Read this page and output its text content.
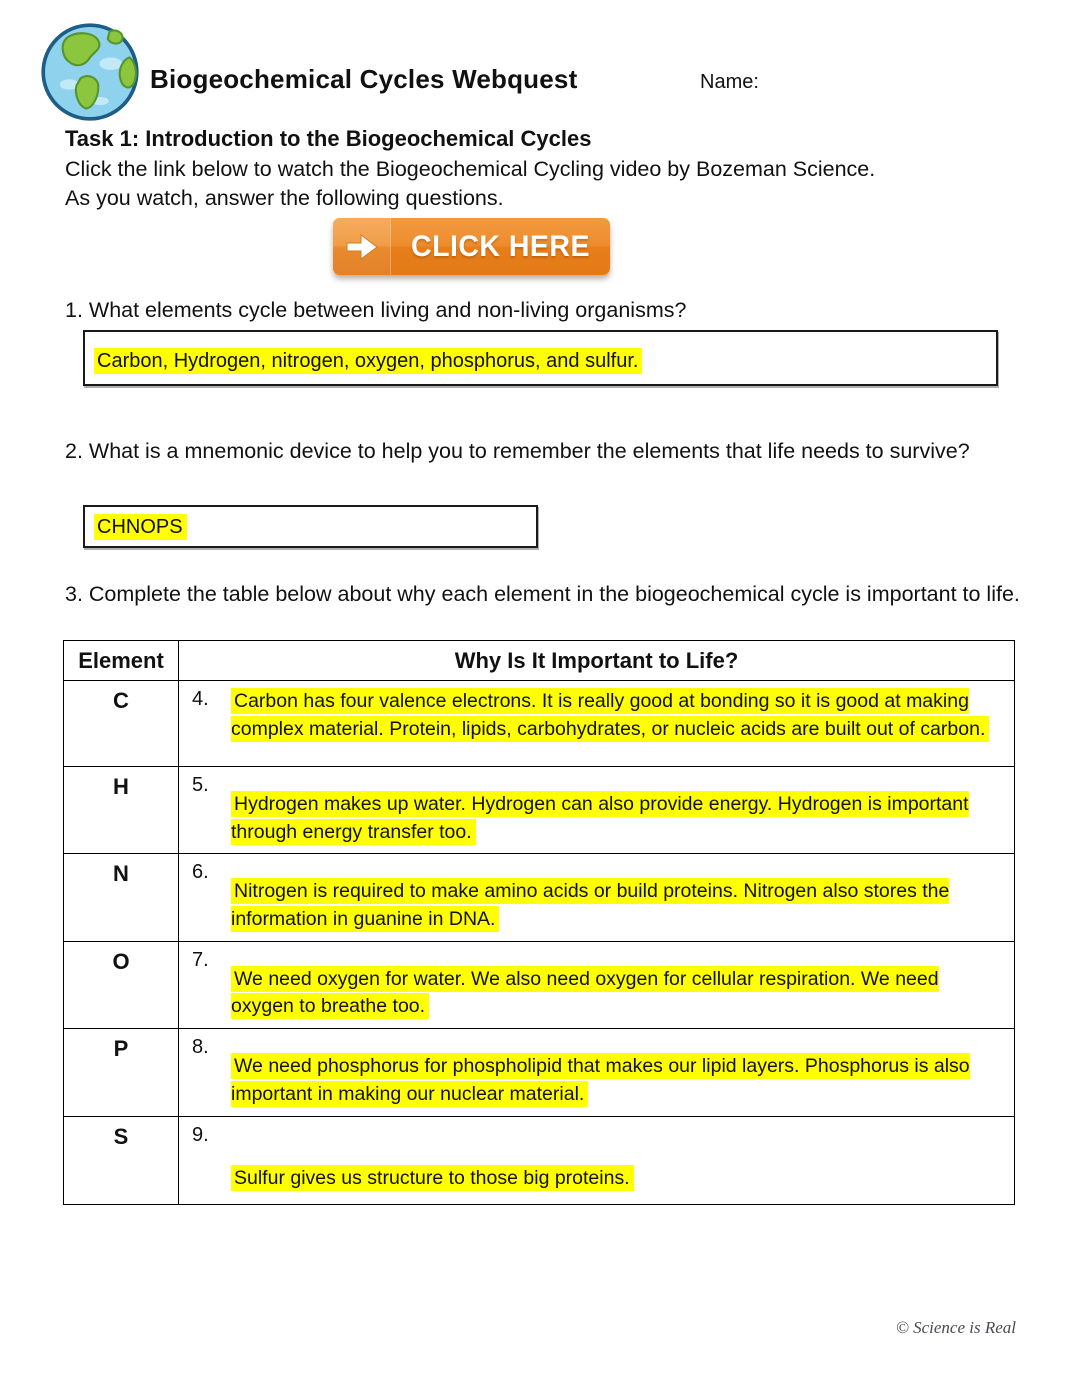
Biogeochemical Cycles Webquest	Name:
Task 1: Introduction to the Biogeochemical Cycles
Click the link below to watch the Biogeochemical Cycling video by Bozeman Science.
As you watch, answer the following questions.
CLICK HERE
1. What elements cycle between living and non-living organisms?
Carbon, Hydrogen, nitrogen, oxygen, phosphorus, and sulfur.
2. What is a mnemonic device to help you to remember the elements that life needs to survive?
CHNOPS
3. Complete the table below about why each element in the biogeochemical cycle is important to life.
Element	Why Is It Important to Life?
C	4. Carbon has four valence electrons. It is really good at bonding so it is good at making complex material. Protein, lipids, carbohydrates, or nucleic acids are built out of carbon.

H	5.
Hydrogen makes up water. Hydrogen can also provide energy. Hydrogen is important through energy transfer too.

N	6.
Nitrogen is required to make amino acids or build proteins. Nitrogen also stores the information in guanine in DNA.

O	7.
We need oxygen for water. We also need oxygen for cellular respiration. We need oxygen to breathe too.

P	8.
We need phosphorus for phospholipid that makes our lipid layers. Phosphorus is also important in making our nuclear material.

S	9.
Sulfur gives us structure to those big proteins.
© Science is Real
